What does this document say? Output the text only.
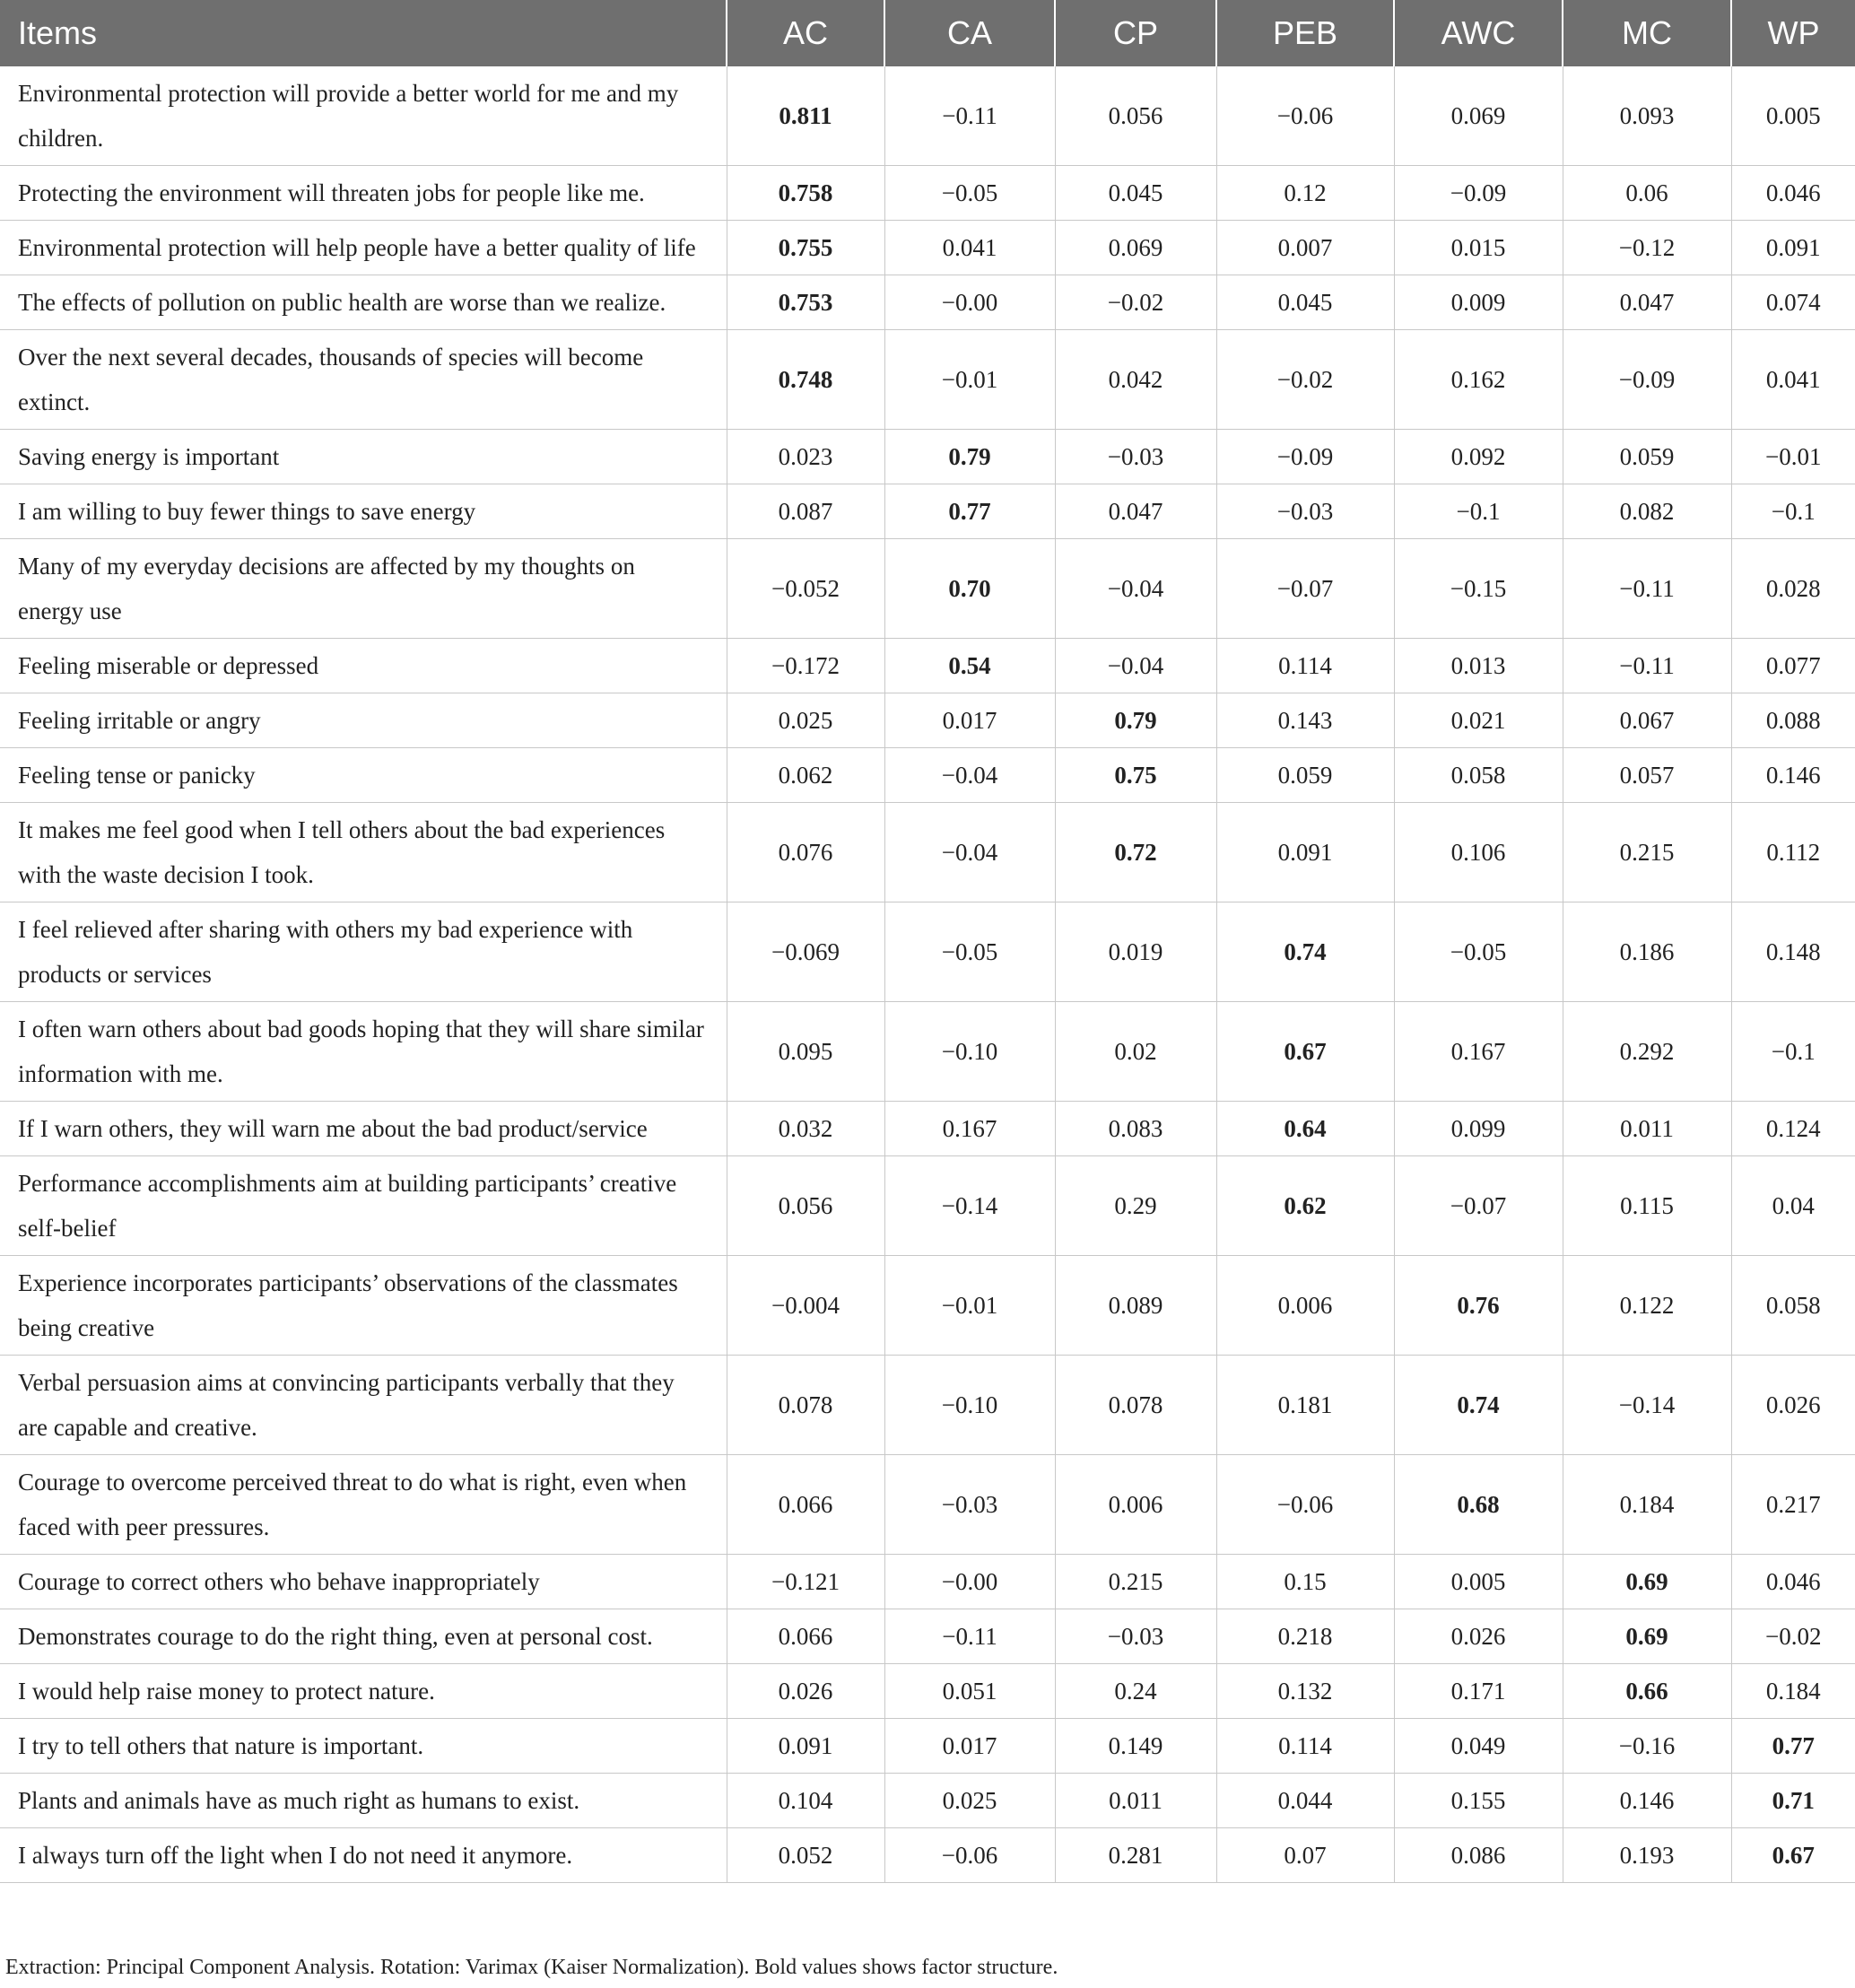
Items	AC	CA	CP	PEB	AWC	MC	WP
Environmental protection will provide a better world for me and my children.	0.811	−0.11	0.056	−0.06	0.069	0.093	0.005
Protecting the environment will threaten jobs for people like me.	0.758	−0.05	0.045	0.12	−0.09	0.06	0.046
Environmental protection will help people have a better quality of life	0.755	0.041	0.069	0.007	0.015	−0.12	0.091
The effects of pollution on public health are worse than we realize.	0.753	−0.00	−0.02	0.045	0.009	0.047	0.074
Over the next several decades, thousands of species will become extinct.	0.748	−0.01	0.042	−0.02	0.162	−0.09	0.041
Saving energy is important	0.023	0.79	−0.03	−0.09	0.092	0.059	−0.01
I am willing to buy fewer things to save energy	0.087	0.77	0.047	−0.03	−0.1	0.082	−0.1
Many of my everyday decisions are affected by my thoughts on energy use	−0.052	0.70	−0.04	−0.07	−0.15	−0.11	0.028
Feeling miserable or depressed	−0.172	0.54	−0.04	0.114	0.013	−0.11	0.077
Feeling irritable or angry	0.025	0.017	0.79	0.143	0.021	0.067	0.088
Feeling tense or panicky	0.062	−0.04	0.75	0.059	0.058	0.057	0.146
It makes me feel good when I tell others about the bad experiences with the waste decision I took.	0.076	−0.04	0.72	0.091	0.106	0.215	0.112
I feel relieved after sharing with others my bad experience with products or services	−0.069	−0.05	0.019	0.74	−0.05	0.186	0.148
I often warn others about bad goods hoping that they will share similar information with me.	0.095	−0.10	0.02	0.67	0.167	0.292	−0.1
If I warn others, they will warn me about the bad product/service	0.032	0.167	0.083	0.64	0.099	0.011	0.124
Performance accomplishments aim at building participants’ creative self-belief	0.056	−0.14	0.29	0.62	−0.07	0.115	0.04
Experience incorporates participants’ observations of the classmates being creative	−0.004	−0.01	0.089	0.006	0.76	0.122	0.058
Verbal persuasion aims at convincing participants verbally that they are capable and creative.	0.078	−0.10	0.078	0.181	0.74	−0.14	0.026
Courage to overcome perceived threat to do what is right, even when faced with peer pressures.	0.066	−0.03	0.006	−0.06	0.68	0.184	0.217
Courage to correct others who behave inappropriately	−0.121	−0.00	0.215	0.15	0.005	0.69	0.046
Demonstrates courage to do the right thing, even at personal cost.	0.066	−0.11	−0.03	0.218	0.026	0.69	−0.02
I would help raise money to protect nature.	0.026	0.051	0.24	0.132	0.171	0.66	0.184
I try to tell others that nature is important.	0.091	0.017	0.149	0.114	0.049	−0.16	0.77
Plants and animals have as much right as humans to exist.	0.104	0.025	0.011	0.044	0.155	0.146	0.71
I always turn off the light when I do not need it anymore.	0.052	−0.06	0.281	0.07	0.086	0.193	0.67
Extraction: Principal Component Analysis. Rotation: Varimax (Kaiser Normalization). Bold values shows factor structure.
